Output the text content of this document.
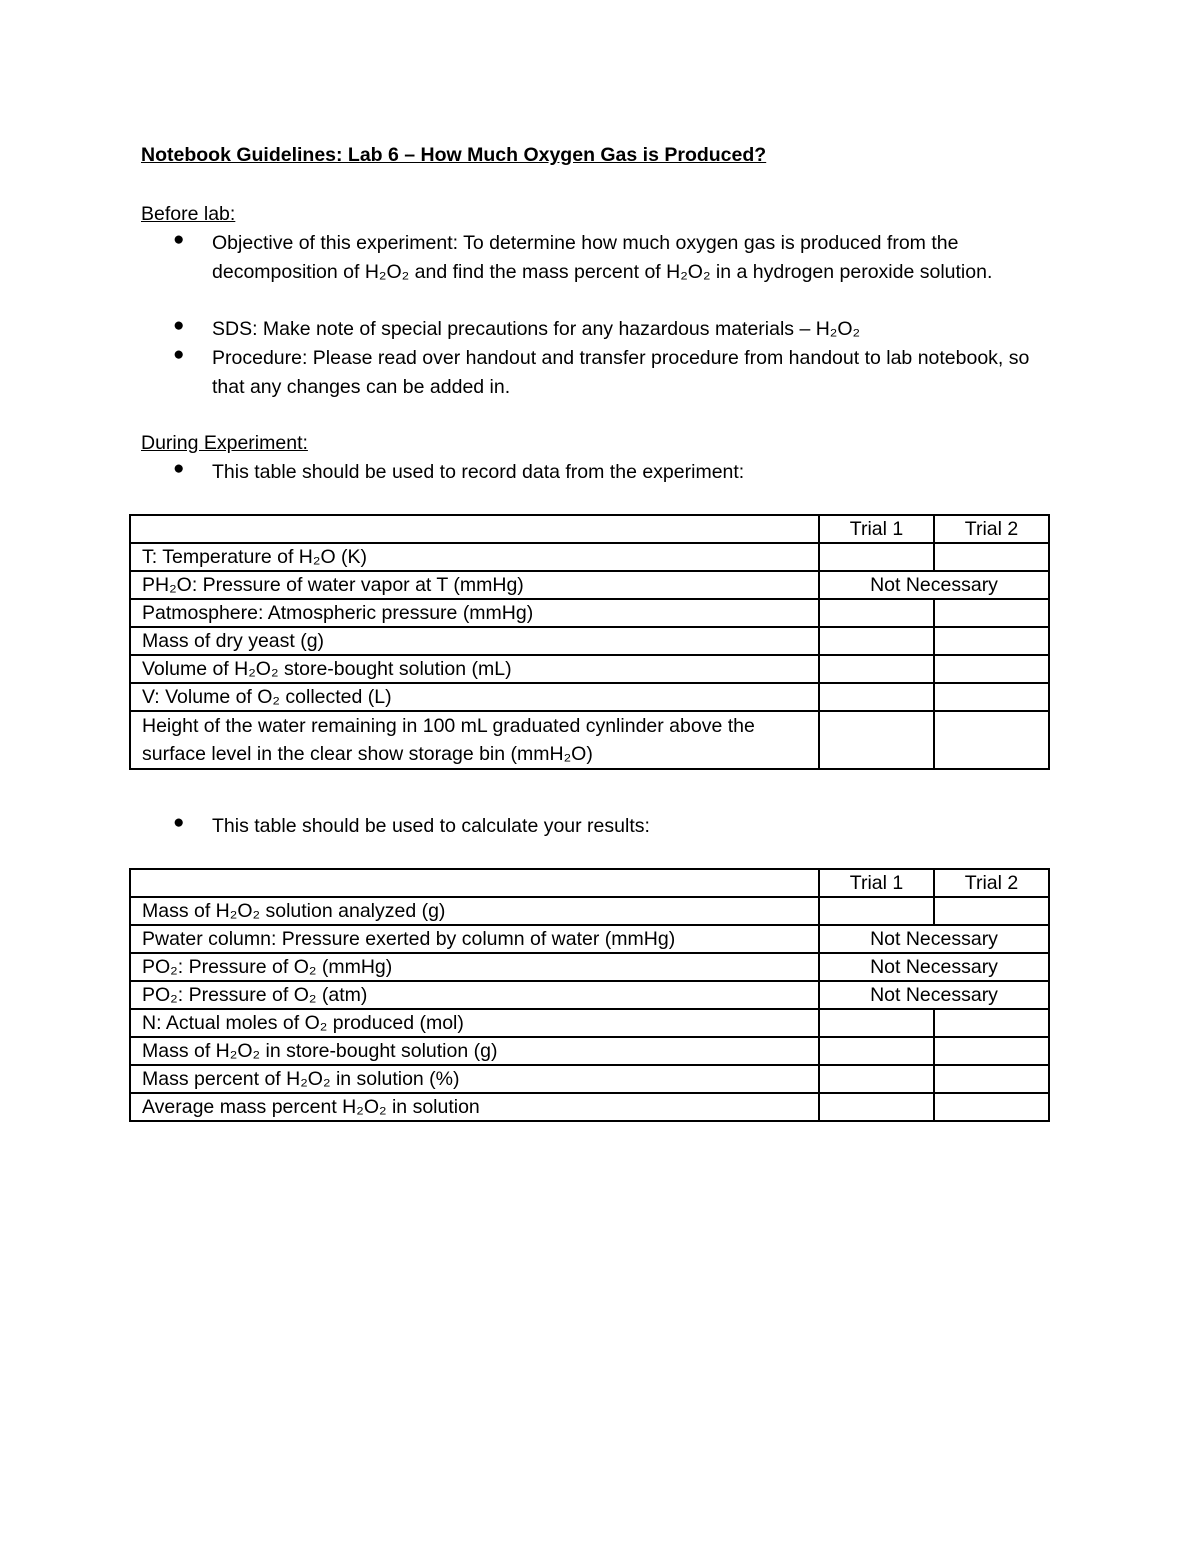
Notebook Guidelines: Lab 6 – How Much Oxygen Gas is Produced?
Before lab:
● Objective of this experiment: To determine how much oxygen gas is produced from the decomposition of H₂O₂ and find the mass percent of H₂O₂ in a hydrogen peroxide solution.
● SDS: Make note of special precautions for any hazardous materials – H₂O₂
● Procedure: Please read over handout and transfer procedure from handout to lab notebook, so that any changes can be added in.
During Experiment:
● This table should be used to record data from the experiment:
	Trial 1	Trial 2
T: Temperature of H₂O (K)		
PH₂O: Pressure of water vapor at T (mmHg)	Not Necessary	
Patmosphere: Atmospheric pressure (mmHg)		
Mass of dry yeast (g)		
Volume of H₂O₂ store-bought solution (mL)		
V: Volume of O₂ collected (L)		
Height of the water remaining in 100 mL graduated cynlinder above the surface level in the clear show storage bin (mmH₂O)		
● This table should be used to calculate your results:
	Trial 1	Trial 2
Mass of H₂O₂ solution analyzed (g)		
Pwater column: Pressure exerted by column of water (mmHg)	Not Necessary	
PO₂: Pressure of O₂ (mmHg)	Not Necessary	
PO₂: Pressure of O₂ (atm)	Not Necessary	
N: Actual moles of O₂ produced (mol)		
Mass of H₂O₂ in store-bought solution (g)		
Mass percent of H₂O₂ in solution (%)		
Average mass percent H₂O₂ in solution		
